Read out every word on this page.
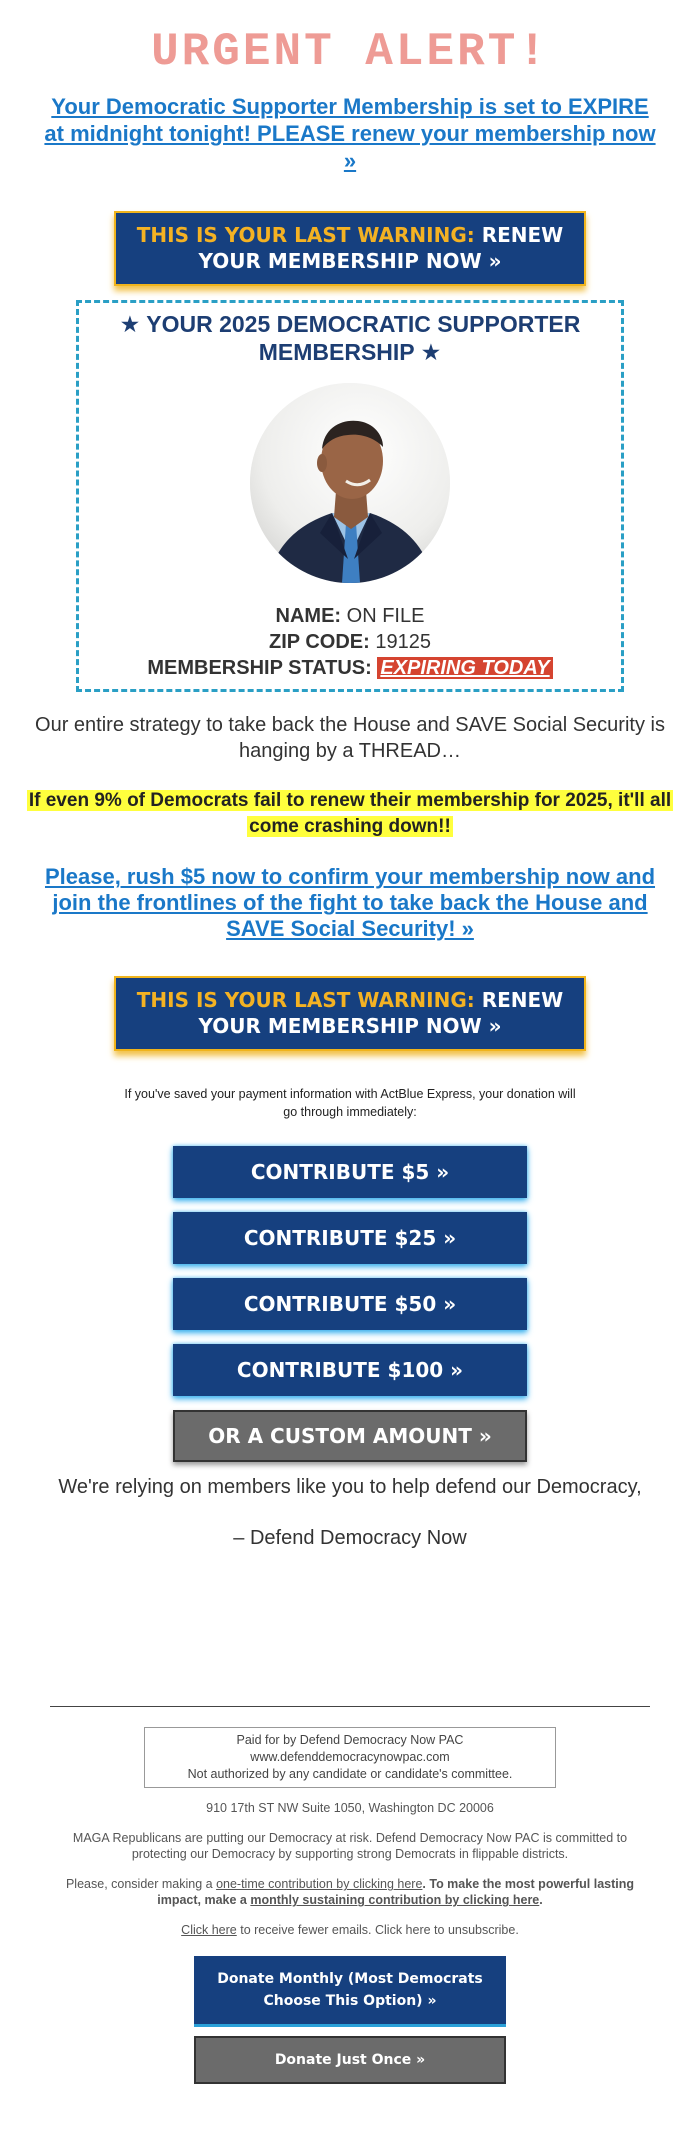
URGENT ALERT!
Your Democratic Supporter Membership is set to EXPIRE at midnight tonight! PLEASE renew your membership now »
THIS IS YOUR LAST WARNING: RENEW YOUR MEMBERSHIP NOW »
★ YOUR 2025 DEMOCRATIC SUPPORTER MEMBERSHIP ★
NAME: ON FILE
ZIP CODE: 19125
MEMBERSHIP STATUS: EXPIRING TODAY

Our entire strategy to take back the House and SAVE Social Security is hanging by a THREAD…

If even 9% of Democrats fail to renew their membership for 2025, it'll all come crashing down!!
Please, rush $5 now to confirm your membership now and join the frontlines of the fight to take back the House and SAVE Social Security! »
THIS IS YOUR LAST WARNING: RENEW YOUR MEMBERSHIP NOW »
If you've saved your payment information with ActBlue Express, your donation will go through immediately:
CONTRIBUTE $5 »
CONTRIBUTE $25 »
CONTRIBUTE $50 »
CONTRIBUTE $100 »
OR A CUSTOM AMOUNT »

We're relying on members like you to help defend our Democracy,

– Defend Democracy Now

Paid for by Defend Democracy Now PAC
www.defenddemocracynowpac.com
Not authorized by any candidate or candidate's committee.
910 17th ST NW Suite 1050, Washington DC 20006
MAGA Republicans are putting our Democracy at risk. Defend Democracy Now PAC is committed to protecting our Democracy by supporting strong Democrats in flippable districts.
Please, consider making a one-time contribution by clicking here. To make the most powerful lasting impact, make a monthly sustaining contribution by clicking here.
Click here to receive fewer emails. Click here to unsubscribe.
Donate Monthly (Most Democrats Choose This Option) »
Donate Just Once »
